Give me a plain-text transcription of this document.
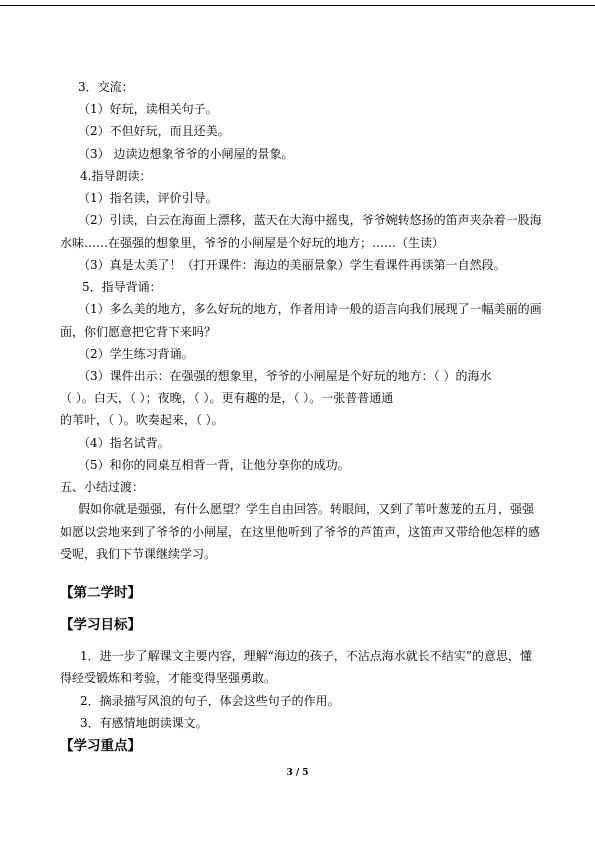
3．交流：
（1）好玩，读相关句子。
（2）不但好玩，而且还美。
（3） 边读边想象爷爷的小闸屋的景象。
4.指导朗读：
（1）指名读，评价引导。
（2）引读，白云在海面上漂移，蓝天在大海中摇曳，爷爷婉转悠扬的笛声夹杂着一股海
水味……在强强的想象里，爷爷的小闸屋是个好玩的地方；……（生读）
（3）真是太美了！（打开课件：海边的美丽景象）学生看课件再读第一自然段。
5．指导背诵：
（1）多么美的地方，多么好玩的地方，作者用诗一般的语言向我们展现了一幅美丽的画
面，你们愿意把它背下来吗？
（2）学生练习背诵。
（3）课件出示：在强强的想象里，爷爷的小闸屋是个好玩的地方：（ ）的海水
（ ）。白天，（ ）；夜晚，（ ）。更有趣的是，（ ）。一张普普通通
的苇叶，（ ）。吹奏起来，（ ）。
（4）指名试背。
（5）和你的同桌互相背一背，让他分享你的成功。
五、小结过渡：
假如你就是强强，有什么愿望？学生自由回答。转眼间，又到了苇叶葱茏的五月，强强
如愿以尝地来到了爷爷的小闸屋，在这里他听到了爷爷的芦笛声，这笛声又带给他怎样的感
受呢，我们下节课继续学习。
【第二学时】
【学习目标】
1．进一步了解课文主要内容，理解“海边的孩子，不沾点海水就长不结实”的意思，懂
得经受锻炼和考验，才能变得坚强勇敢。
2．摘录描写风浪的句子，体会这些句子的作用。
3．有感情地朗读课文。
【学习重点】
3 / 5
